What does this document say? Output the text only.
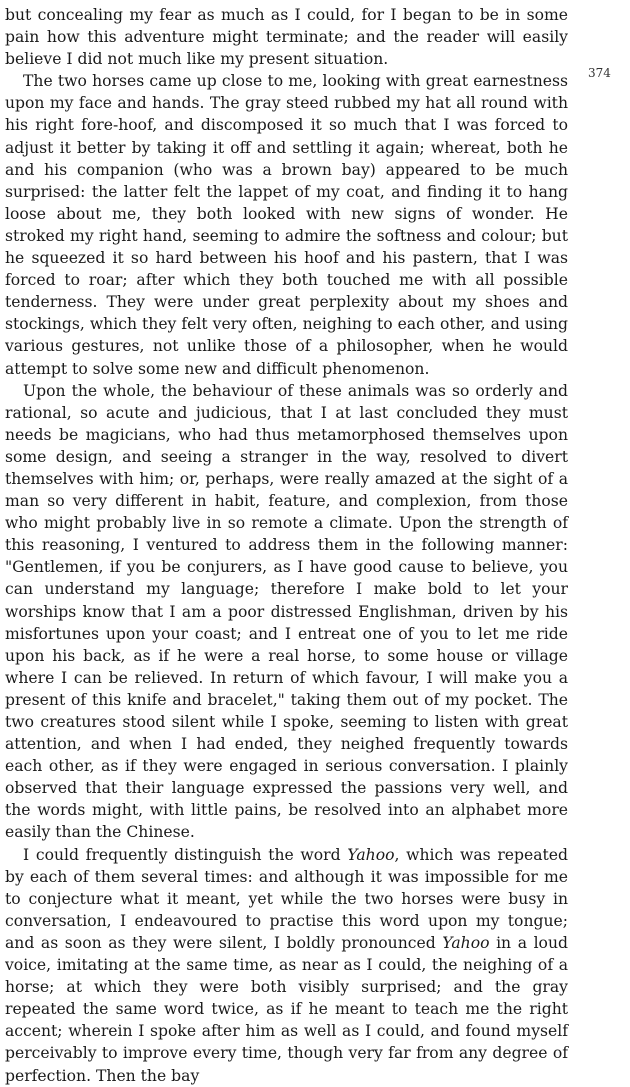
but concealing my fear as much as I could, for I began to be in some pain how this adventure might terminate; and the reader will easily believe I did not much like my present situation.

The two horses came up close to me, looking with great earnestness upon my face and hands. The gray steed rubbed my hat all round with his right fore-hoof, and discomposed it so much that I was forced to adjust it better by taking it off and settling it again; whereat, both he and his companion (who was a brown bay) appeared to be much surprised: the latter felt the lappet of my coat, and finding it to hang loose about me, they both looked with new signs of wonder. He stroked my right hand, seeming to admire the softness and colour; but he squeezed it so hard between his hoof and his pastern, that I was forced to roar; after which they both touched me with all possible tenderness. They were under great perplexity about my shoes and stockings, which they felt very often, neighing to each other, and using various gestures, not unlike those of a philosopher, when he would attempt to solve some new and difficult phenomenon.

Upon the whole, the behaviour of these animals was so orderly and rational, so acute and judicious, that I at last concluded they must needs be magicians, who had thus metamorphosed themselves upon some design, and seeing a stranger in the way, resolved to divert themselves with him; or, perhaps, were really amazed at the sight of a man so very different in habit, feature, and complexion, from those who might probably live in so remote a climate. Upon the strength of this reasoning, I ventured to address them in the following manner: "Gentlemen, if you be conjurers, as I have good cause to believe, you can understand my language; therefore I make bold to let your worships know that I am a poor distressed Englishman, driven by his misfortunes upon your coast; and I entreat one of you to let me ride upon his back, as if he were a real horse, to some house or village where I can be relieved. In return of which favour, I will make you a present of this knife and bracelet," taking them out of my pocket. The two creatures stood silent while I spoke, seeming to listen with great attention, and when I had ended, they neighed frequently towards each other, as if they were engaged in serious conversation. I plainly observed that their language expressed the passions very well, and the words might, with little pains, be resolved into an alphabet more easily than the Chinese.

I could frequently distinguish the word Yahoo, which was repeated by each of them several times: and although it was impossible for me to conjecture what it meant, yet while the two horses were busy in conversation, I endeavoured to practise this word upon my tongue; and as soon as they were silent, I boldly pronounced Yahoo in a loud voice, imitating at the same time, as near as I could, the neighing of a horse; at which they were both visibly surprised; and the gray repeated the same word twice, as if he meant to teach me the right accent; wherein I spoke after him as well as I could, and found myself perceivably to improve every time, though very far from any degree of perfection. Then the bay

374
